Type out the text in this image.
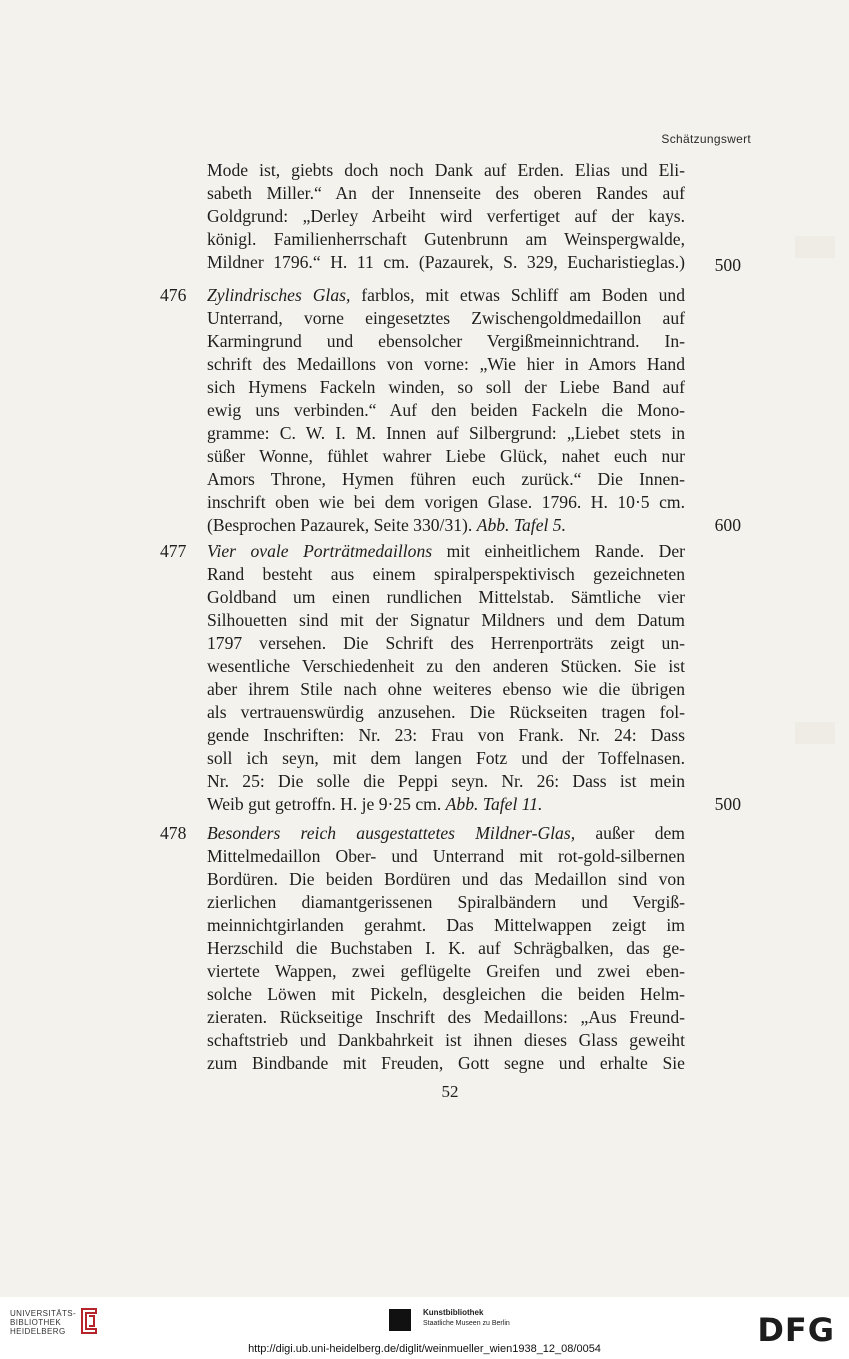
Schätzungswert
Mode ist, giebts doch noch Dank auf Erden. Elias und Eli-
sabeth Miller.“ An der Innenseite des oberen Randes auf
Goldgrund: „Derley Arbeiht wird verfertiget auf der kays.
königl. Familienherrschaft Gutenbrunn am Weinspergwalde,
Mildner 1796.“ H. 11 cm. (Pazaurek, S. 329, Eucharistieglas.) 500
476	Zylindrisches Glas, farblos, mit etwas Schliff am Boden und
Unterrand, vorne eingesetztes Zwischengoldmedaillon auf
Karmingrund und ebensolcher Vergißmeinnichtrand. In-
schrift des Medaillons von vorne: „Wie hier in Amors Hand
sich Hymens Fackeln winden, so soll der Liebe Band auf
ewig uns verbinden.“ Auf den beiden Fackeln die Mono-
gramme: C. W. I. M. Innen auf Silbergrund: „Liebet stets in
süßer Wonne, fühlet wahrer Liebe Glück, nahet euch nur
Amors Throne, Hymen führen euch zurück.“ Die Innen-
inschrift oben wie bei dem vorigen Glase. 1796. H. 10·5 cm.
(Besprochen Pazaurek, Seite 330/31). Abb. Tafel 5.	600
477	Vier ovale Porträtmedaillons mit einheitlichem Rande. Der
Rand besteht aus einem spiralperspektivisch gezeichneten
Goldband um einen rundlichen Mittelstab. Sämtliche vier
Silhouetten sind mit der Signatur Mildners und dem Datum
1797 versehen. Die Schrift des Herrenporträts zeigt un-
wesentliche Verschiedenheit zu den anderen Stücken. Sie ist
aber ihrem Stile nach ohne weiteres ebenso wie die übrigen
als vertrauenswürdig anzusehen. Die Rückseiten tragen fol-
gende Inschriften: Nr. 23: Frau von Frank. Nr. 24: Dass
soll ich seyn, mit dem langen Fotz und der Toffelnasen.
Nr. 25: Die solle die Peppi seyn. Nr. 26: Dass ist mein
Weib gut getroffn. H. je 9·25 cm. Abb. Tafel 11.	500
478	Besonders reich ausgestattetes Mildner-Glas, außer dem
Mittelmedaillon Ober- und Unterrand mit rot-gold-silbernen
Bordüren. Die beiden Bordüren und das Medaillon sind von
zierlichen diamantgerissenen Spiralbändern und Vergiß-
meinnichtgirlanden gerahmt. Das Mittelwappen zeigt im
Herzschild die Buchstaben I. K. auf Schrägbalken, das ge-
viertete Wappen, zwei geflügelte Greifen und zwei eben-
solche Löwen mit Pickeln, desgleichen die beiden Helm-
zieraten. Rückseitige Inschrift des Medaillons: „Aus Freund-
schaftstrieb und Dankbahrkeit ist ihnen dieses Glass geweiht
zum Bindbande mit Freuden, Gott segne und erhalte Sie
52
UNIVERSITÄTS-
BIBLIOTHEK
HEIDELBERG
Kunstbibliothek
Staatliche Museen zu Berlin	DFG
http://digi.ub.uni-heidelberg.de/diglit/weinmueller_wien1938_12_08/0054
